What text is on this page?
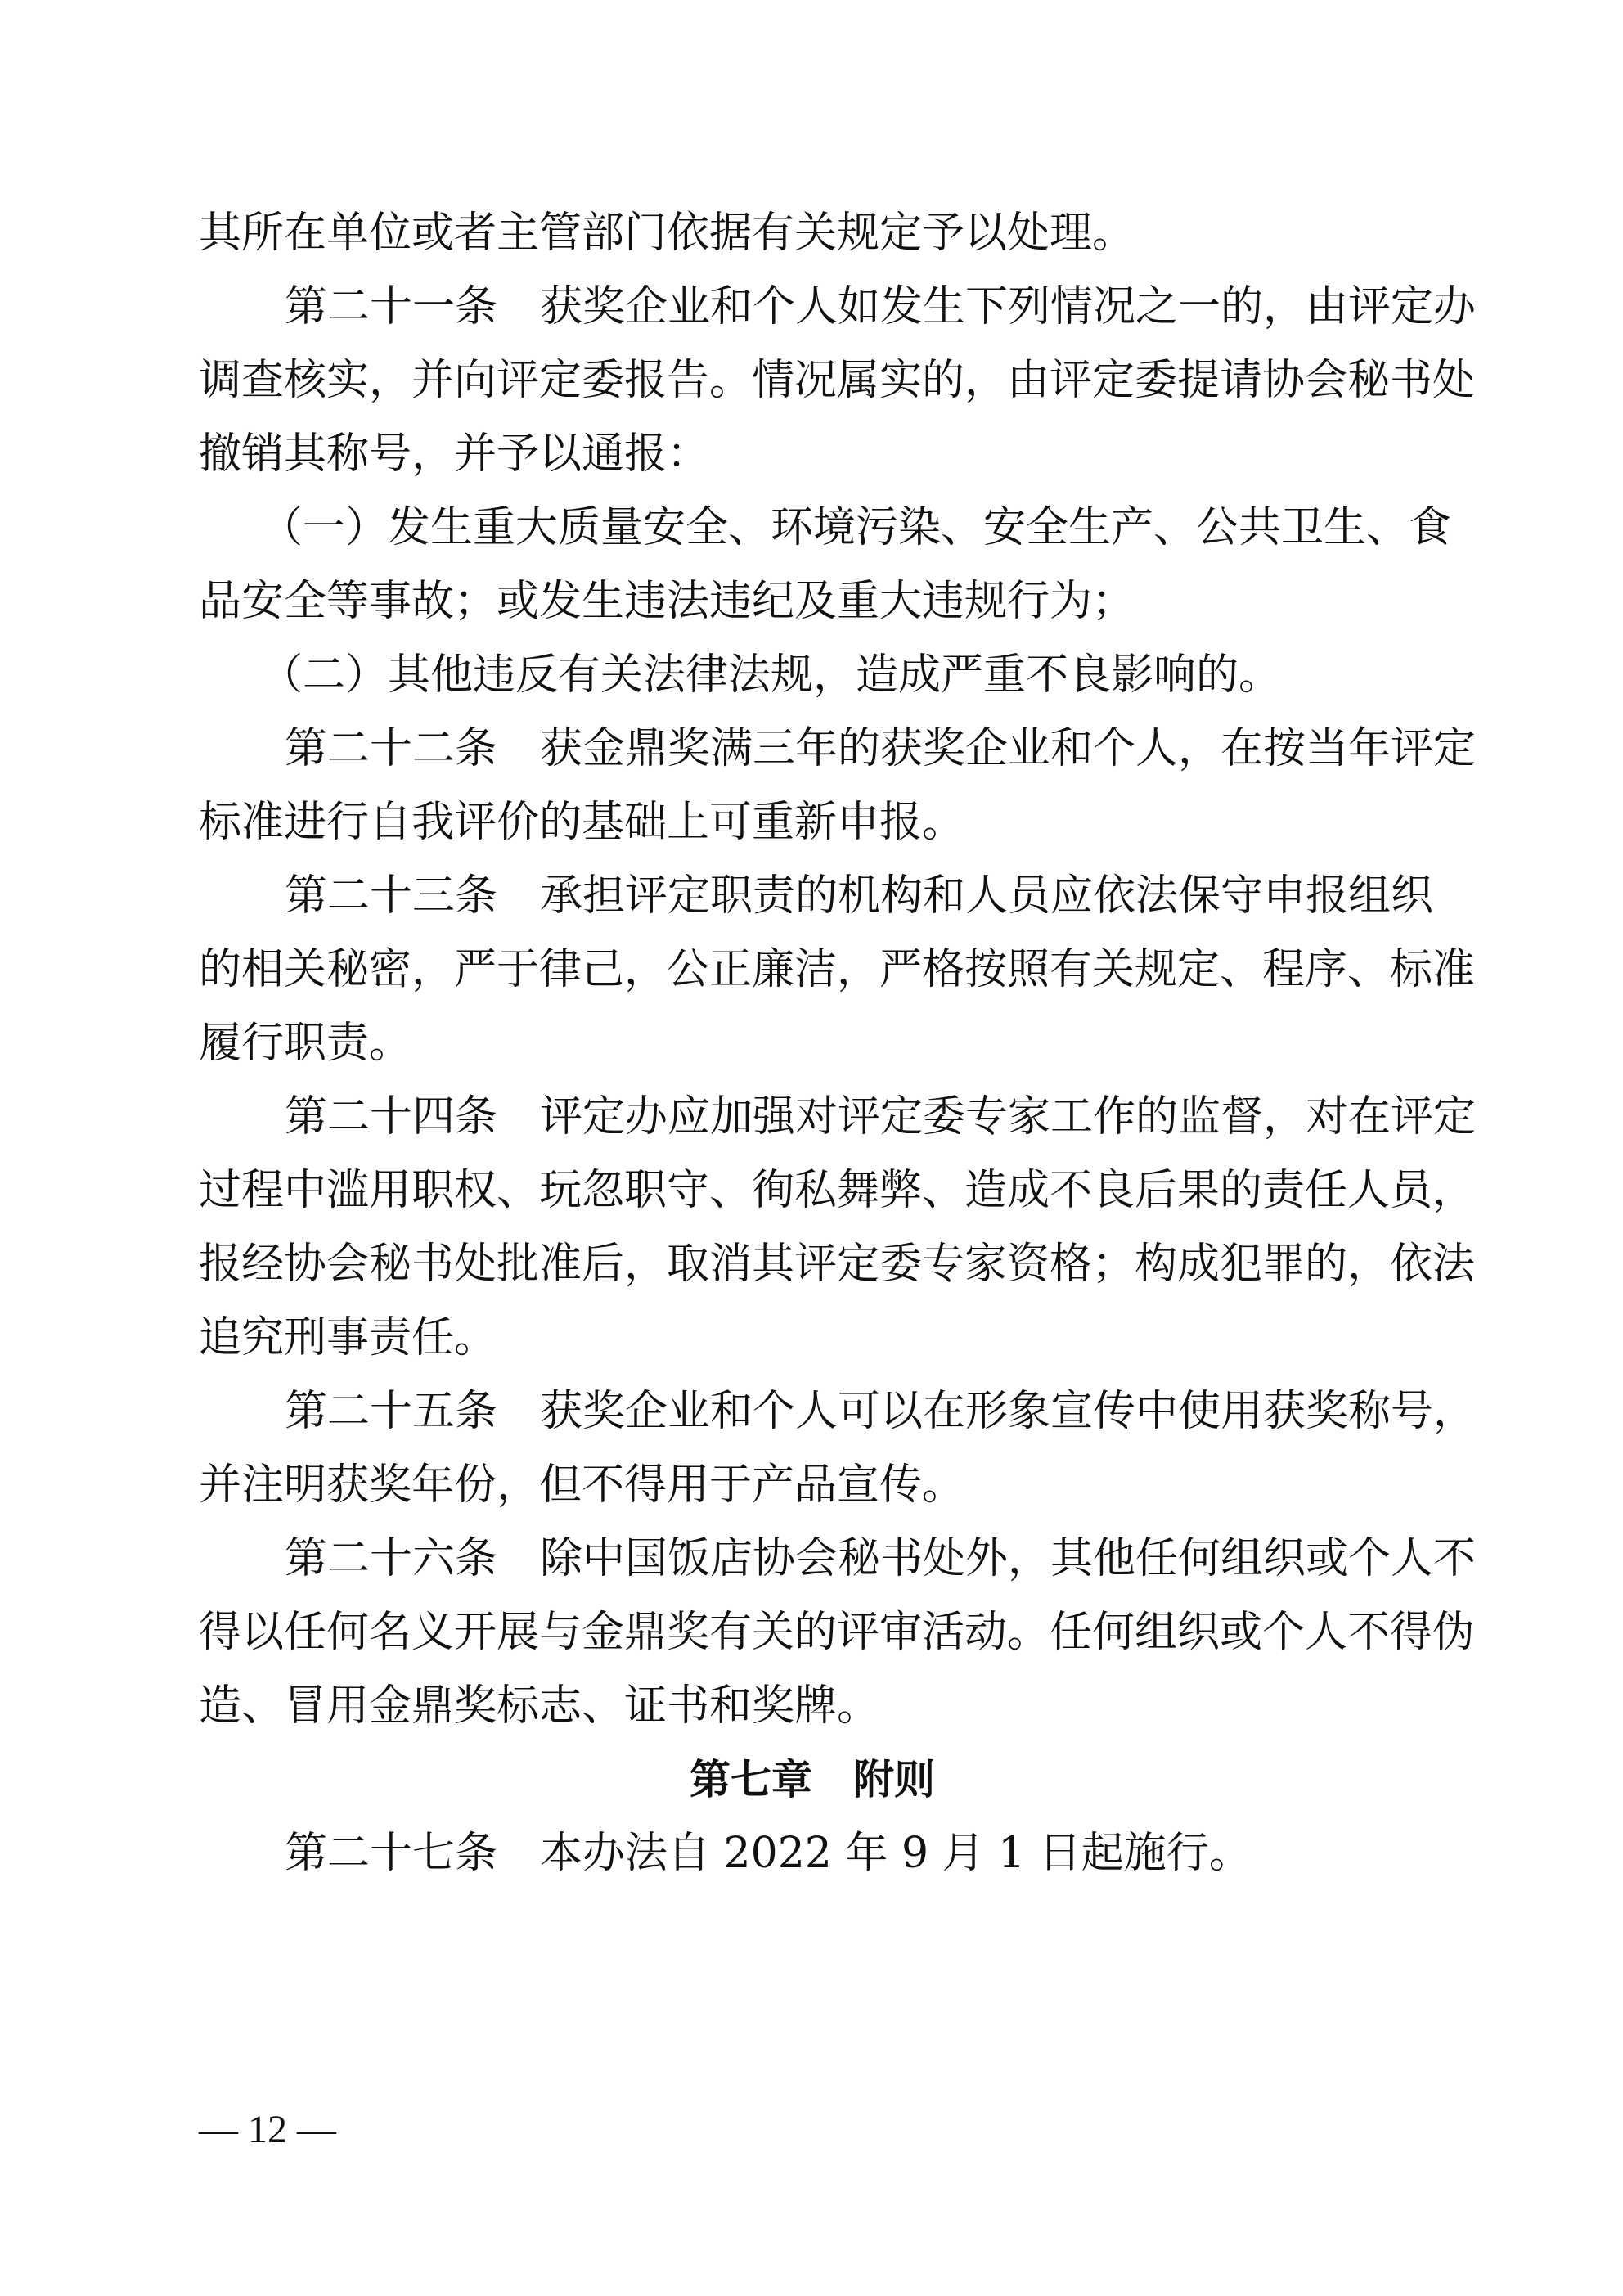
其所在单位或者主管部门依据有关规定予以处理。
第二十一条 获奖企业和个人如发生下列情况之一的，由评定办
调查核实，并向评定委报告。情况属实的，由评定委提请协会秘书处
撤销其称号，并予以通报：
（一）发生重大质量安全、环境污染、安全生产、公共卫生、食
品安全等事故；或发生违法违纪及重大违规行为；
（二）其他违反有关法律法规，造成严重不良影响的。
第二十二条 获金鼎奖满三年的获奖企业和个人，在按当年评定
标准进行自我评价的基础上可重新申报。
第二十三条 承担评定职责的机构和人员应依法保守申报组织
的相关秘密，严于律己，公正廉洁，严格按照有关规定、程序、标准
履行职责。
第二十四条 评定办应加强对评定委专家工作的监督，对在评定
过程中滥用职权、玩忽职守、徇私舞弊、造成不良后果的责任人员，
报经协会秘书处批准后，取消其评定委专家资格；构成犯罪的，依法
追究刑事责任。
第二十五条 获奖企业和个人可以在形象宣传中使用获奖称号，
并注明获奖年份，但不得用于产品宣传。
第二十六条 除中国饭店协会秘书处外，其他任何组织或个人不
得以任何名义开展与金鼎奖有关的评审活动。任何组织或个人不得伪
造、冒用金鼎奖标志、证书和奖牌。
第七章　附则
第二十七条 本办法自 2022 年 9 月 1 日起施行。
— 12 —
